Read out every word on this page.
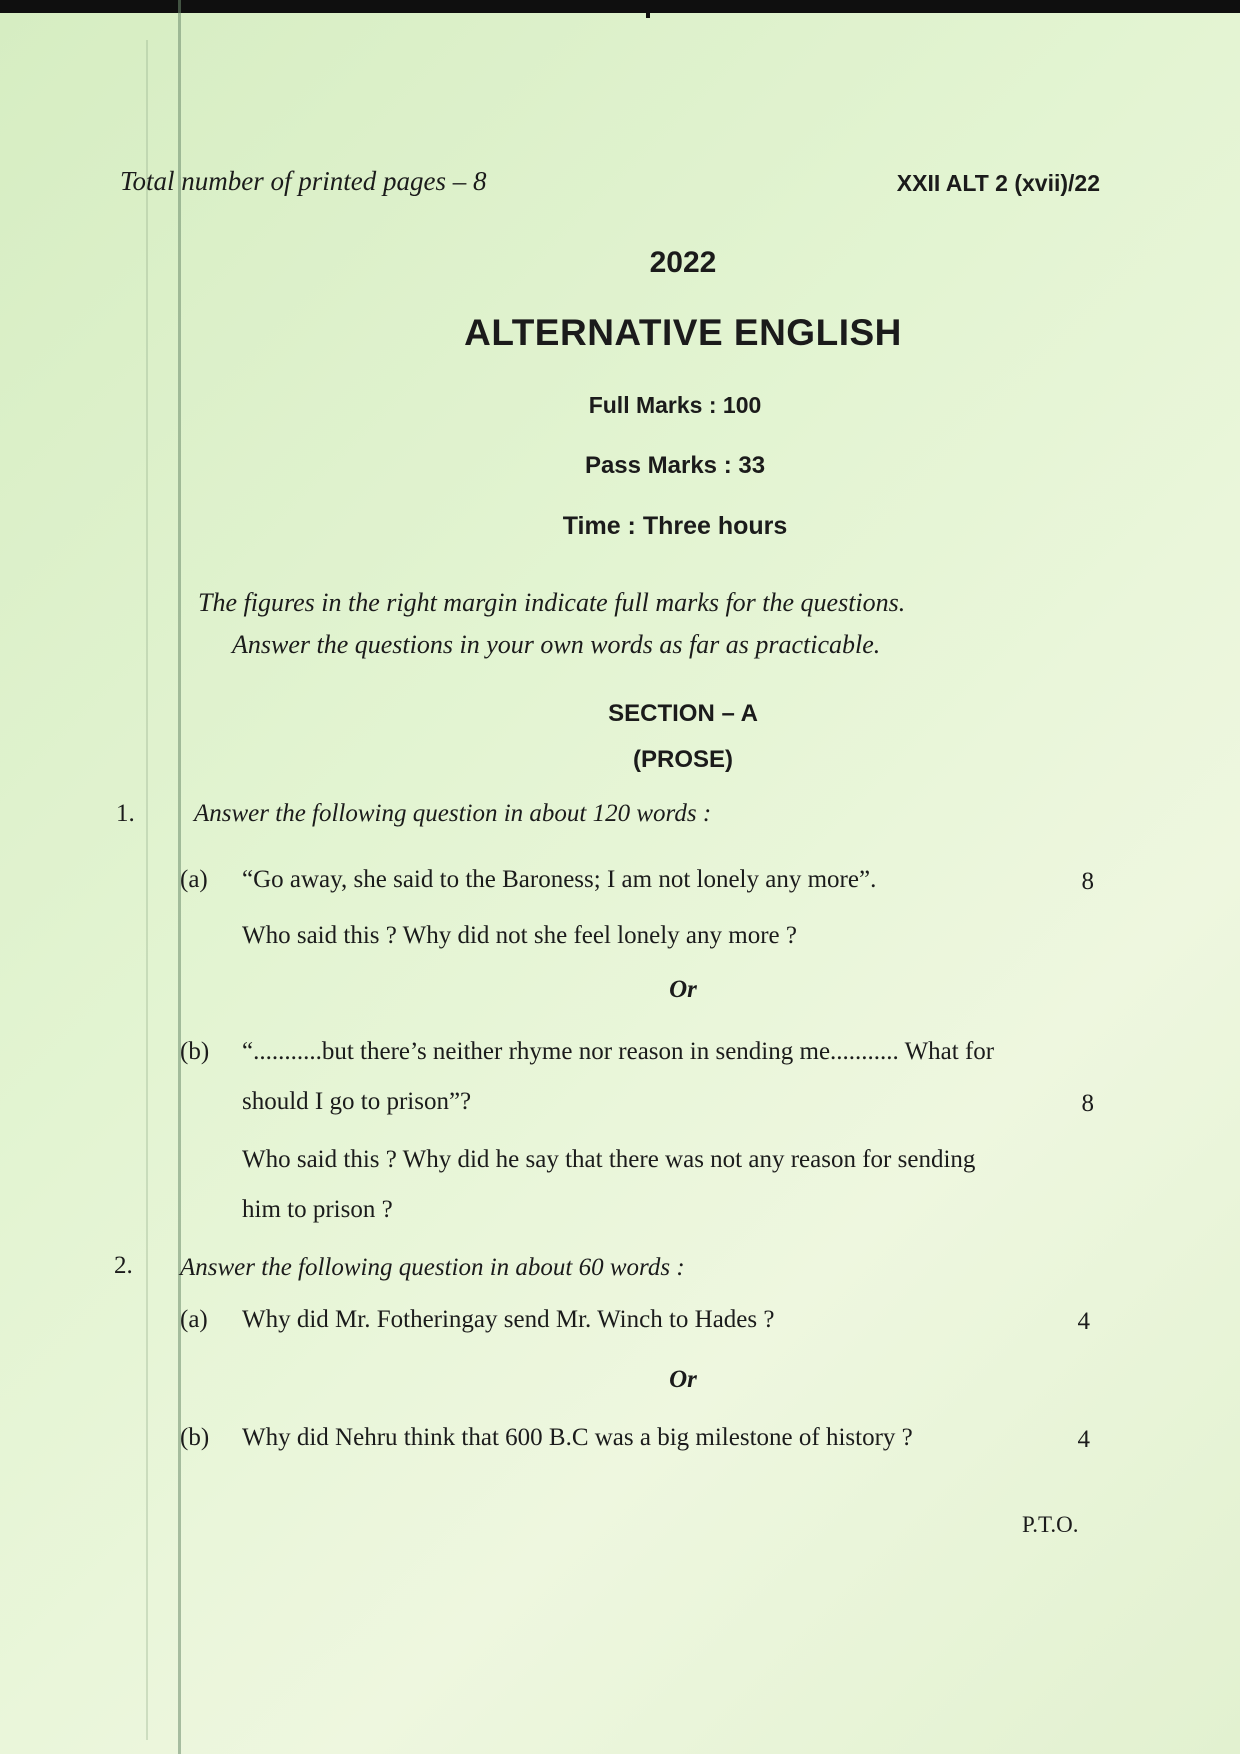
Total number of printed pages – 8	XXII ALT 2 (xvii)/22
2022
ALTERNATIVE ENGLISH
Full Marks : 100
Pass Marks : 33
Time : Three hours
The figures in the right margin indicate full marks for the questions.
Answer the questions in your own words as far as practicable.
SECTION – A
(PROSE)
1. Answer the following question in about 120 words :
(a) “Go away, she said to the Baroness; I am not lonely any more”.	8
Who said this ? Why did not she feel lonely any more ?
Or
(b) “...........but there’s neither rhyme nor reason in sending me........... What for
should I go to prison”?	8
Who said this ? Why did he say that there was not any reason for sending
him to prison ?
2. Answer the following question in about 60 words :
(a) Why did Mr. Fotheringay send Mr. Winch to Hades ?	4
Or
(b) Why did Nehru think that 600 B.C was a big milestone of history ?	4
P.T.O.
